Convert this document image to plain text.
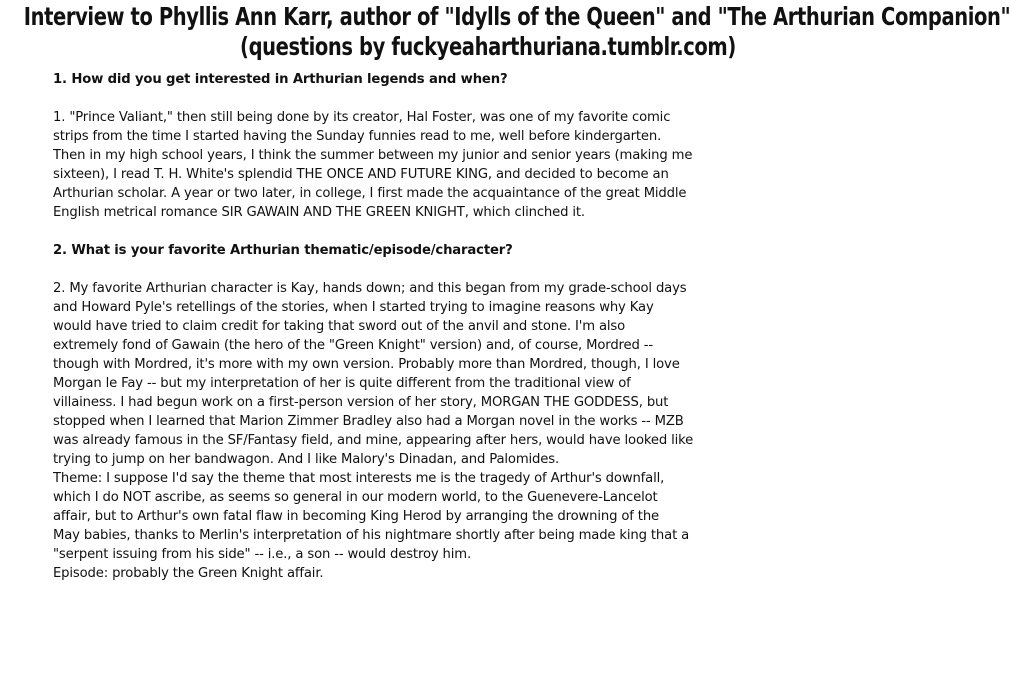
Interview to Phyllis Ann Karr, author of "Idylls of the Queen" and "The Arthurian Companion"
(questions by fuckyeaharthuriana.tumblr.com)
1. How did you get interested in Arthurian legends and when?
1. "Prince Valiant," then still being done by its creator, Hal Foster, was one of my favorite comic
strips from the time I started having the Sunday funnies read to me, well before kindergarten.
Then in my high school years, I think the summer between my junior and senior years (making me
sixteen), I read T. H. White's splendid THE ONCE AND FUTURE KING, and decided to become an
Arthurian scholar. A year or two later, in college, I first made the acquaintance of the great Middle
English metrical romance SIR GAWAIN AND THE GREEN KNIGHT, which clinched it.
2. What is your favorite Arthurian thematic/episode/character?
2. My favorite Arthurian character is Kay, hands down; and this began from my grade-school days
and Howard Pyle's retellings of the stories, when I started trying to imagine reasons why Kay
would have tried to claim credit for taking that sword out of the anvil and stone. I'm also
extremely fond of Gawain (the hero of the "Green Knight" version) and, of course, Mordred --
though with Mordred, it's more with my own version. Probably more than Mordred, though, I love
Morgan le Fay -- but my interpretation of her is quite different from the traditional view of
villainess. I had begun work on a first-person version of her story, MORGAN THE GODDESS, but
stopped when I learned that Marion Zimmer Bradley also had a Morgan novel in the works -- MZB
was already famous in the SF/Fantasy field, and mine, appearing after hers, would have looked like
trying to jump on her bandwagon. And I like Malory's Dinadan, and Palomides.
Theme: I suppose I'd say the theme that most interests me is the tragedy of Arthur's downfall,
which I do NOT ascribe, as seems so general in our modern world, to the Guenevere-Lancelot
affair, but to Arthur's own fatal flaw in becoming King Herod by arranging the drowning of the
May babies, thanks to Merlin's interpretation of his nightmare shortly after being made king that a
"serpent issuing from his side" -- i.e., a son -- would destroy him.
Episode: probably the Green Knight affair.
